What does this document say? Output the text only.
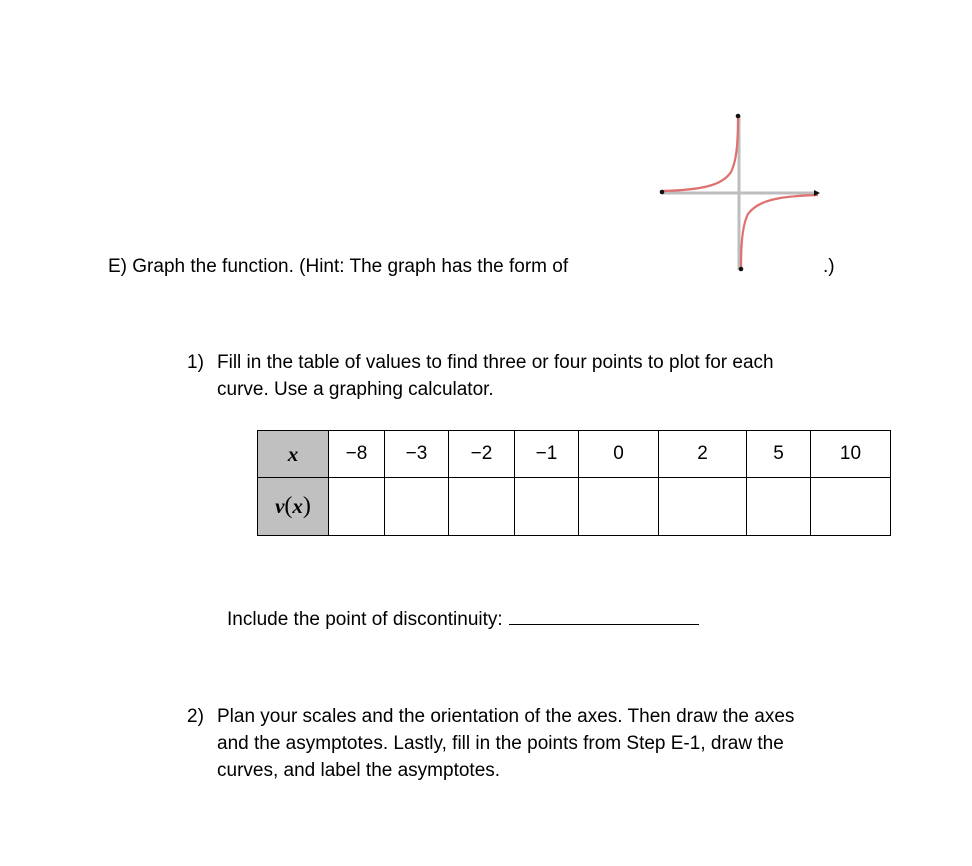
E) Graph the function. (Hint: The graph has the form of	.)
1) Fill in the table of values to find three or four points to plot for each
curve. Use a graphing calculator.
x	−8	−3	−2	−1	0	2	5	10
v(x)								
Include the point of discontinuity:
2) Plan your scales and the orientation of the axes. Then draw the axes
and the asymptotes. Lastly, fill in the points from Step E-1, draw the
curves, and label the asymptotes.
